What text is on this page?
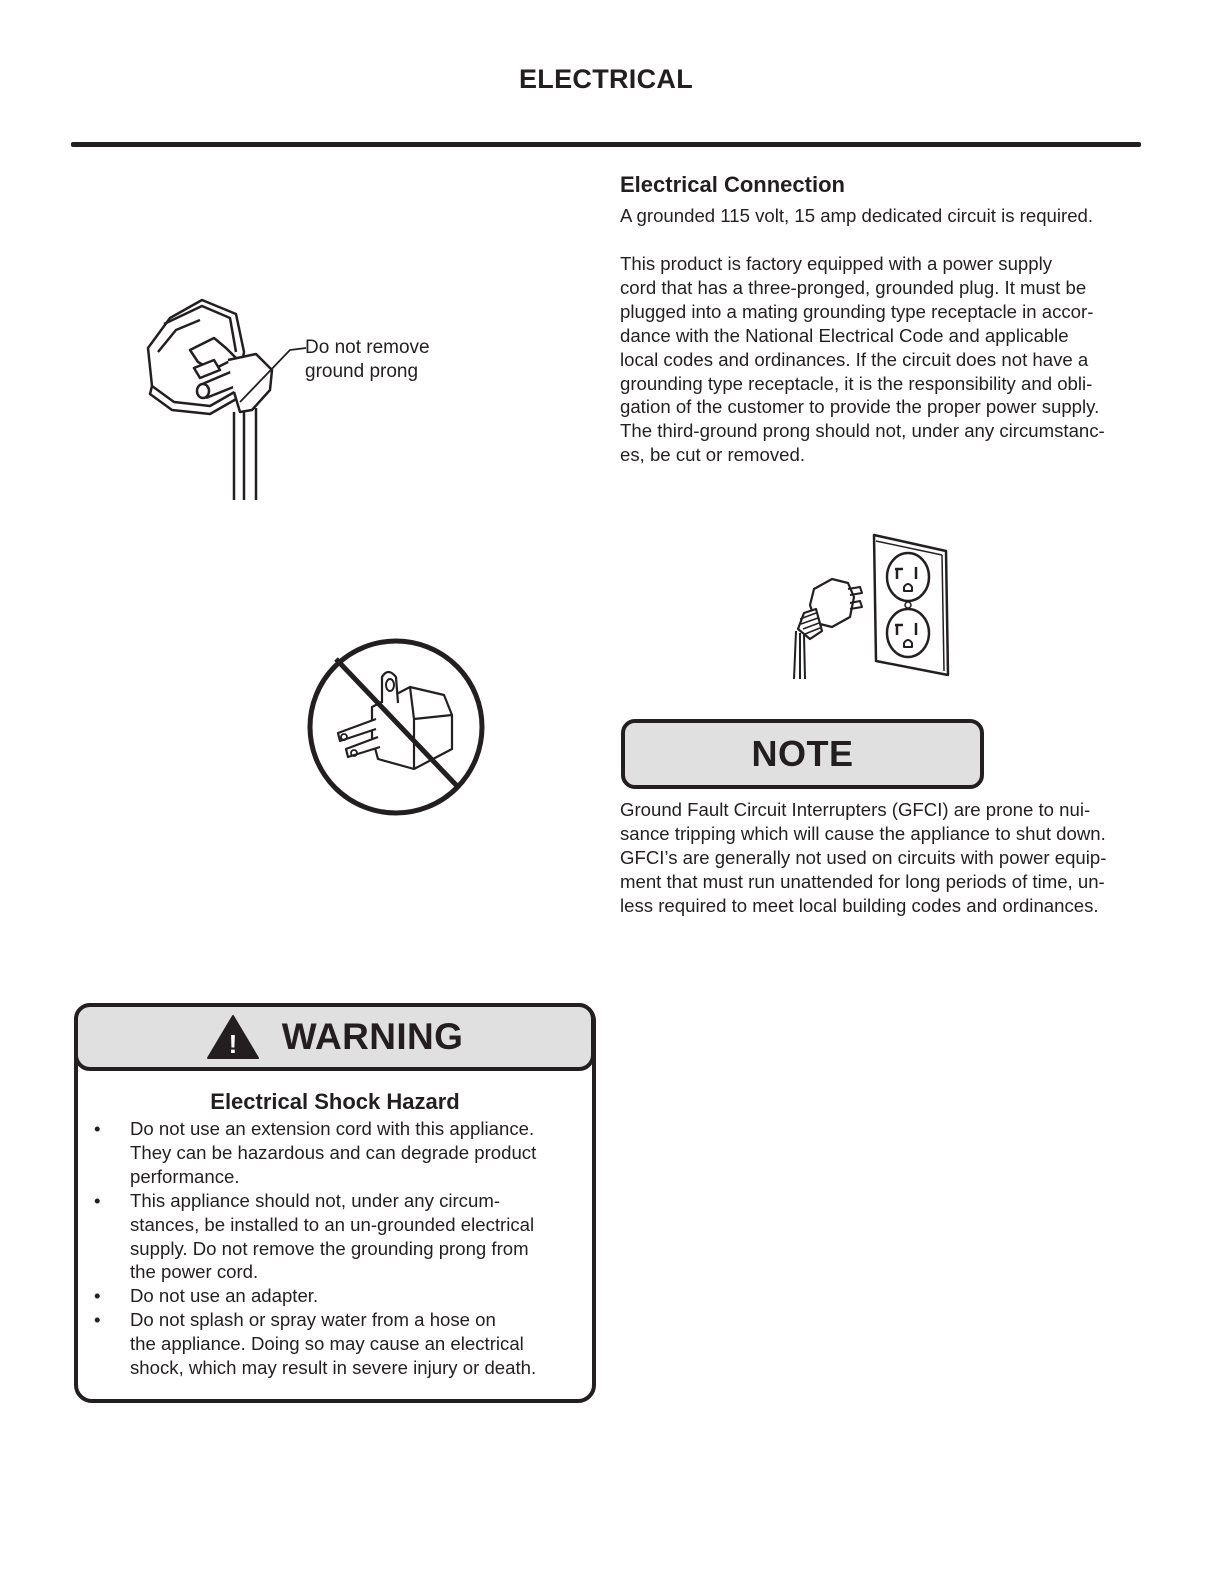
ELECTRICAL
Do not remove
ground prong
Electrical Connection
A grounded 115 volt, 15 amp dedicated circuit is required.
This product is factory equipped with a power supply
cord that has a three-pronged, grounded plug. It must be
plugged into a mating grounding type receptacle in accor-
dance with the National Electrical Code and applicable
local codes and ordinances. If the circuit does not have a
grounding type receptacle, it is the responsibility and obli-
gation of the customer to provide the proper power supply.
The third-ground prong should not, under any circumstanc-
es, be cut or removed.
NOTE
Ground Fault Circuit Interrupters (GFCI) are prone to nui-
sance tripping which will cause the appliance to shut down.
GFCI’s are generally not used on circuits with power equip-
ment that must run unattended for long periods of time, un-
less required to meet local building codes and ordinances.
! WARNING
Electrical Shock Hazard
• Do not use an extension cord with this appliance.
They can be hazardous and can degrade product
performance.
• This appliance should not, under any circum-
stances, be installed to an un-grounded electrical
supply. Do not remove the grounding prong from
the power cord.
• Do not use an adapter.
• Do not splash or spray water from a hose on
the appliance. Doing so may cause an electrical
shock, which may result in severe injury or death.
